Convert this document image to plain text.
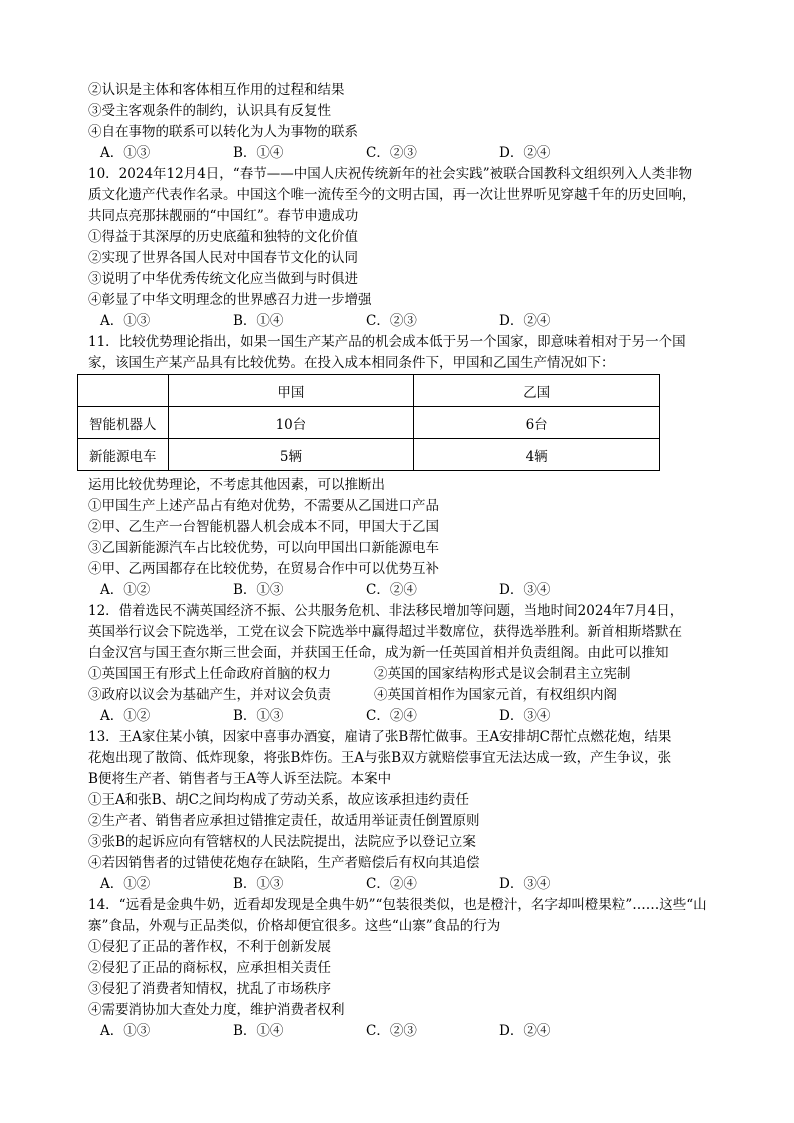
②认识是主体和客体相互作用的过程和结果
③受主客观条件的制约，认识具有反复性
④自在事物的联系可以转化为人为事物的联系
A．①③	B．①④	C．②③	D．②④
10．2024年12月4日，“春节——中国人庆祝传统新年的社会实践”被联合国教科文组织列入人类非物
质文化遗产代表作名录。中国这个唯一流传至今的文明古国，再一次让世界听见穿越千年的历史回响，
共同点亮那抹靓丽的“中国红”。春节申遗成功
①得益于其深厚的历史底蕴和独特的文化价值
②实现了世界各国人民对中国春节文化的认同
③说明了中华优秀传统文化应当做到与时俱进
④彰显了中华文明理念的世界感召力进一步增强
A．①③	B．①④	C．②③	D．②④
11．比较优势理论指出，如果一国生产某产品的机会成本低于另一个国家，即意味着相对于另一个国
家，该国生产某产品具有比较优势。在投入成本相同条件下，甲国和乙国生产情况如下：
	甲国	乙国
智能机器人	10台	6台
新能源电车	5辆	4辆
运用比较优势理论，不考虑其他因素，可以推断出
①甲国生产上述产品占有绝对优势，不需要从乙国进口产品
②甲、乙生产一台智能机器人机会成本不同，甲国大于乙国
③乙国新能源汽车占比较优势，可以向甲国出口新能源电车
④甲、乙两国都存在比较优势，在贸易合作中可以优势互补
A．①②	B．①③	C．②④	D．③④
12．借着选民不满英国经济不振、公共服务危机、非法移民增加等问题，当地时间2024年7月4日，
英国举行议会下院选举，工党在议会下院选举中赢得超过半数席位，获得选举胜利。新首相斯塔默在
白金汉宫与国王查尔斯三世会面，并获国王任命，成为新一任英国首相并负责组阁。由此可以推知
①英国国王有形式上任命政府首脑的权力	②英国的国家结构形式是议会制君主立宪制
③政府以议会为基础产生，并对议会负责	④英国首相作为国家元首，有权组织内阁
A．①②	B．①③	C．②④	D．③④
13．王A家住某小镇，因家中喜事办酒宴，雇请了张B帮忙做事。王A安排胡C帮忙点燃花炮，结果
花炮出现了散筒、低炸现象，将张B炸伤。王A与张B双方就赔偿事宜无法达成一致，产生争议，张
B便将生产者、销售者与王A等人诉至法院。本案中
①王A和张B、胡C之间均构成了劳动关系，故应该承担违约责任
②生产者、销售者应承担过错推定责任，故适用举证责任倒置原则
③张B的起诉应向有管辖权的人民法院提出，法院应予以登记立案
④若因销售者的过错使花炮存在缺陷，生产者赔偿后有权向其追偿
A．①②	B．①③	C．②④	D．③④
14．“远看是金典牛奶，近看却发现是全典牛奶”“包装很类似，也是橙汁，名字却叫橙果粒”……这些“山
寨”食品，外观与正品类似，价格却便宜很多。这些“山寨”食品的行为
①侵犯了正品的著作权，不利于创新发展
②侵犯了正品的商标权，应承担相关责任
③侵犯了消费者知情权，扰乱了市场秩序
④需要消协加大查处力度，维护消费者权利
A．①③	B．①④	C．②③	D．②④
